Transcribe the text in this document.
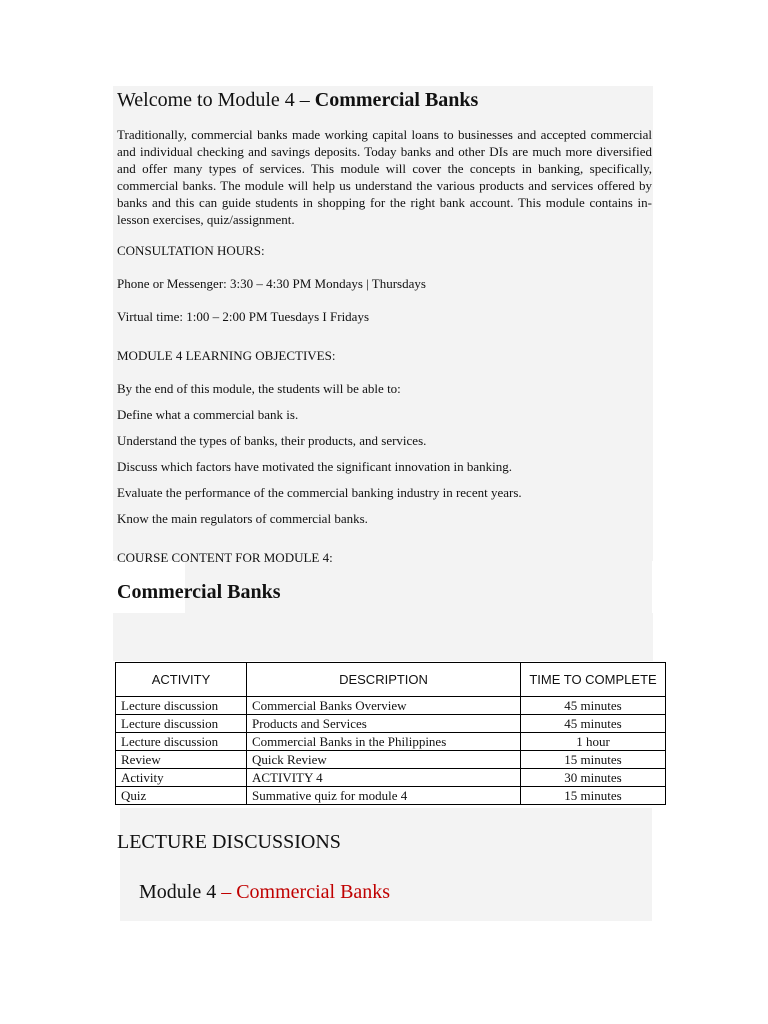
Welcome to Module 4 – Commercial Banks

Traditionally, commercial banks made working capital loans to businesses and accepted commercial and individual checking and savings deposits. Today banks and other DIs are much more diversified and offer many types of services. This module will cover the concepts in banking, specifically, commercial banks. The module will help us understand the various products and services offered by banks and this can guide students in shopping for the right bank account. This module contains in-lesson exercises, quiz/assignment.

CONSULTATION HOURS:

Phone or Messenger: 3:30 – 4:30 PM Mondays | Thursdays

Virtual time: 1:00 – 2:00 PM Tuesdays I Fridays

MODULE 4 LEARNING OBJECTIVES:

By the end of this module, the students will be able to:

Define what a commercial bank is.

Understand the types of banks, their products, and services.

Discuss which factors have motivated the significant innovation in banking.

Evaluate the performance of the commercial banking industry in recent years.

Know the main regulators of commercial banks.

COURSE CONTENT FOR MODULE 4:

Commercial Banks
ACTIVITY	DESCRIPTION	TIME TO COMPLETE
Lecture discussion	Commercial Banks Overview	45 minutes
Lecture discussion	Products and Services	45 minutes
Lecture discussion	Commercial Banks in the Philippines	1 hour
Review	Quick Review	15 minutes
Activity	ACTIVITY 4	30 minutes
Quiz	Summative quiz for module 4	15 minutes
LECTURE DISCUSSIONS
Module 4 – Commercial Banks
